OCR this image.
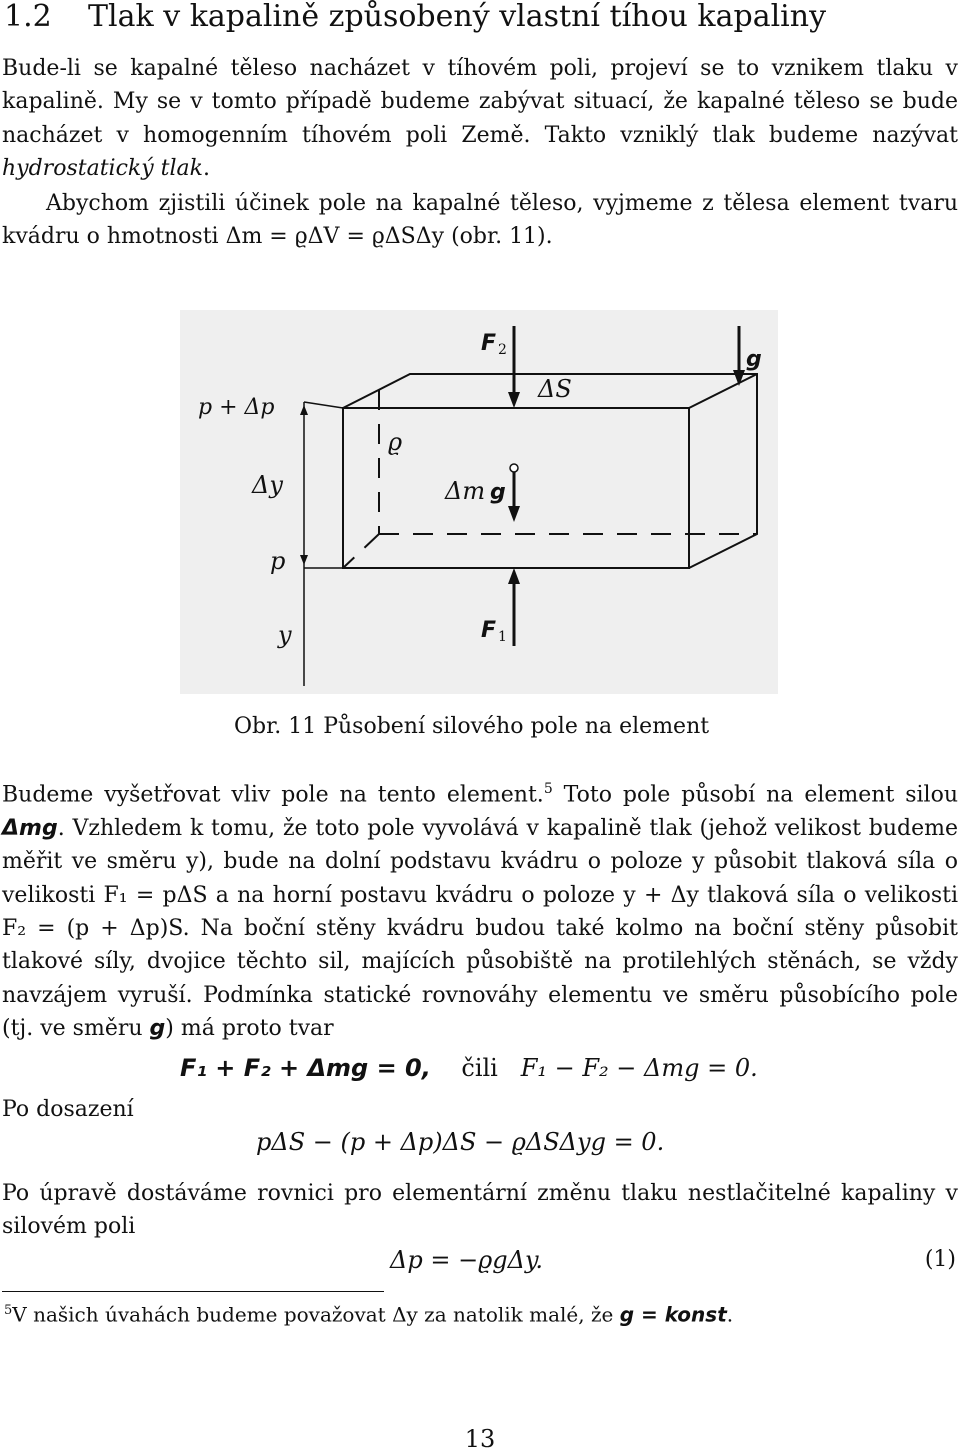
1.2 Tlak v kapalině způsobený vlastní tíhou kapaliny
Bude-li se kapalné těleso nacházet v tíhovém poli, projeví se to vznikem tlaku v kapalině. My se v tomto případě budeme zabývat situací, že kapalné těleso se bude nacházet v homogenním tíhovém poli Země. Takto vzniklý tlak budeme nazývat hydrostatický tlak.
Abychom zjistili účinek pole na kapalné těleso, vyjmeme z tělesa element tvaru kvádru o hmotnosti Δm = ϱΔV = ϱΔSΔy (obr. 11).
F 2
ΔS
g
p + Δp
ϱ
Δy	Δm g
p
y	F 1
Obr. 11 Působení silového pole na element
Budeme vyšetřovat vliv pole na tento element.$^5$ Toto pole působí na element silou Δmg. Vzhledem k tomu, že toto pole vyvolává v kapalině tlak (jehož velikost budeme měřit ve směru y), bude na dolní podstavu kvádru o poloze y působit tlaková síla o velikosti F₁ = pΔS a na horní postavu kvádru o poloze y + Δy tlaková síla o velikosti F₂ = (p + Δp)S. Na boční stěny kvádru budou také kolmo na boční stěny působit tlakové síly, dvojice těchto sil, majících působiště na protilehlých stěnách, se vždy navzájem vyruší. Podmínka statické rovnováhy elementu ve směru působícího pole (tj. ve směru g) má proto tvar
F₁ + F₂ + Δmg = 0, čili F₁ − F₂ − Δmg = 0.
Po dosazení
pΔS − (p + Δp)ΔS − ϱΔSΔyg = 0.
Po úpravě dostáváme rovnici pro elementární změnu tlaku nestlačitelné kapaliny v silovém poli
Δp = −ϱgΔy.	(1)
$^5$V našich úvahách budeme považovat Δy za natolik malé, že g = konst.
13
